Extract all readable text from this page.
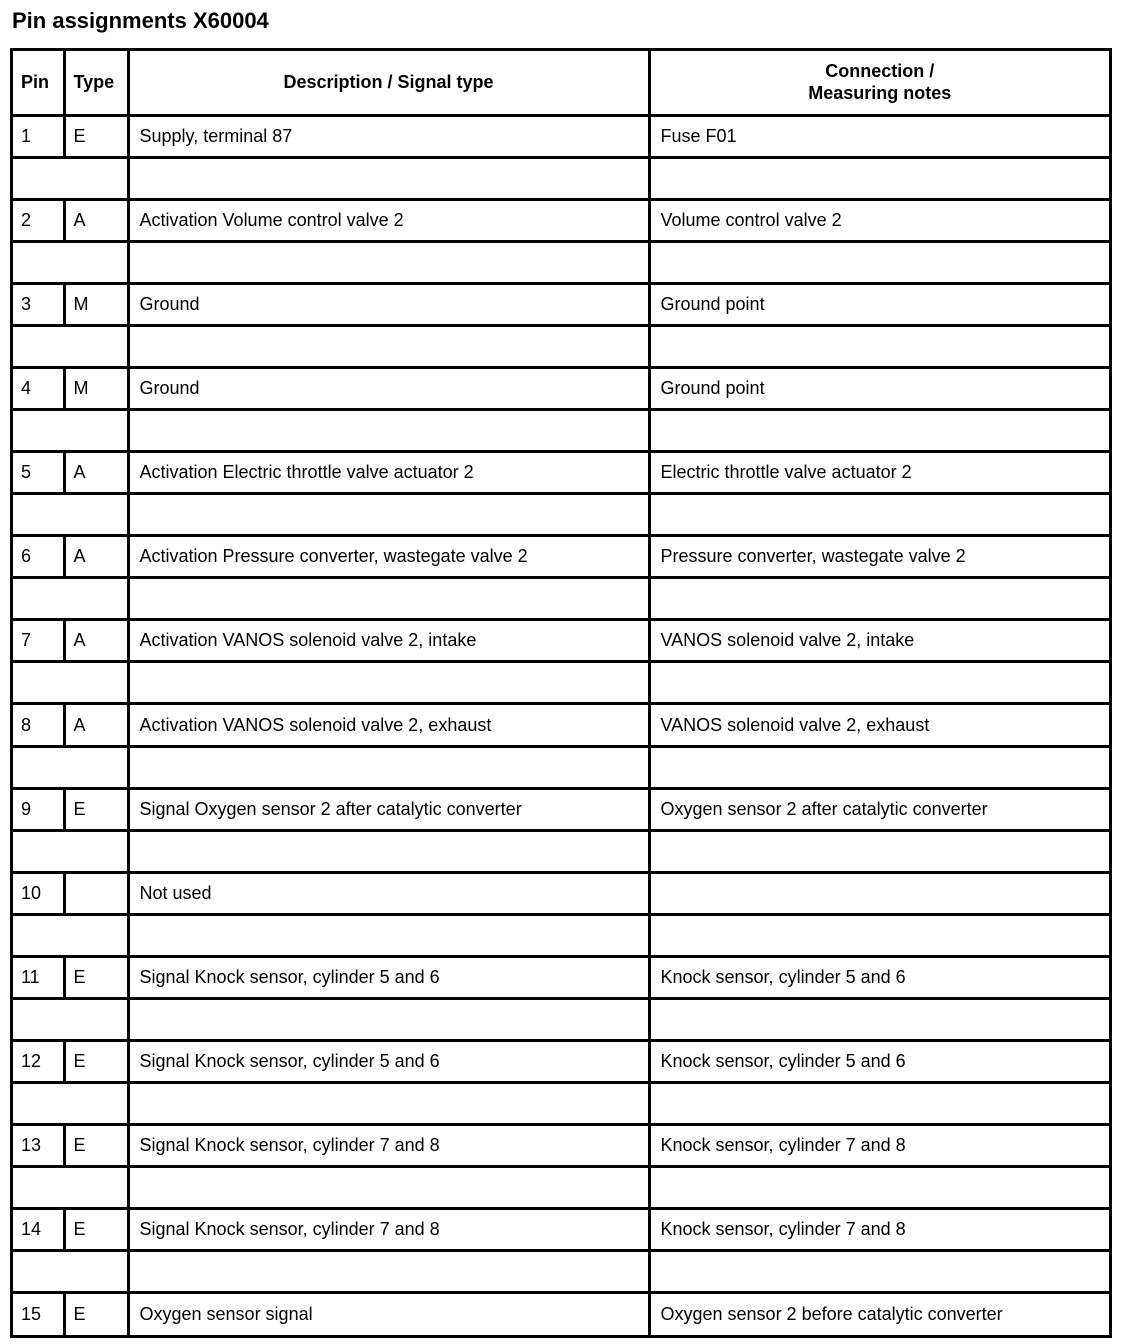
Pin assignments X60004
Pin	Type	Description / Signal type	Connection /
Measuring notes

1	E	Supply, terminal 87	Fuse F01

2	A	Activation Volume control valve 2	Volume control valve 2

3	M	Ground	Ground point

4	M	Ground	Ground point

5	A	Activation Electric throttle valve actuator 2	Electric throttle valve actuator 2

6	A	Activation Pressure converter, wastegate valve 2	Pressure converter, wastegate valve 2

7	A	Activation VANOS solenoid valve 2, intake	VANOS solenoid valve 2, intake

8	A	Activation VANOS solenoid valve 2, exhaust	VANOS solenoid valve 2, exhaust

9	E	Signal Oxygen sensor 2 after catalytic converter	Oxygen sensor 2 after catalytic converter

10		Not used	

11	E	Signal Knock sensor, cylinder 5 and 6	Knock sensor, cylinder 5 and 6

12	E	Signal Knock sensor, cylinder 5 and 6	Knock sensor, cylinder 5 and 6

13	E	Signal Knock sensor, cylinder 7 and 8	Knock sensor, cylinder 7 and 8

14	E	Signal Knock sensor, cylinder 7 and 8	Knock sensor, cylinder 7 and 8

15	E	Oxygen sensor signal	Oxygen sensor 2 before catalytic converter
